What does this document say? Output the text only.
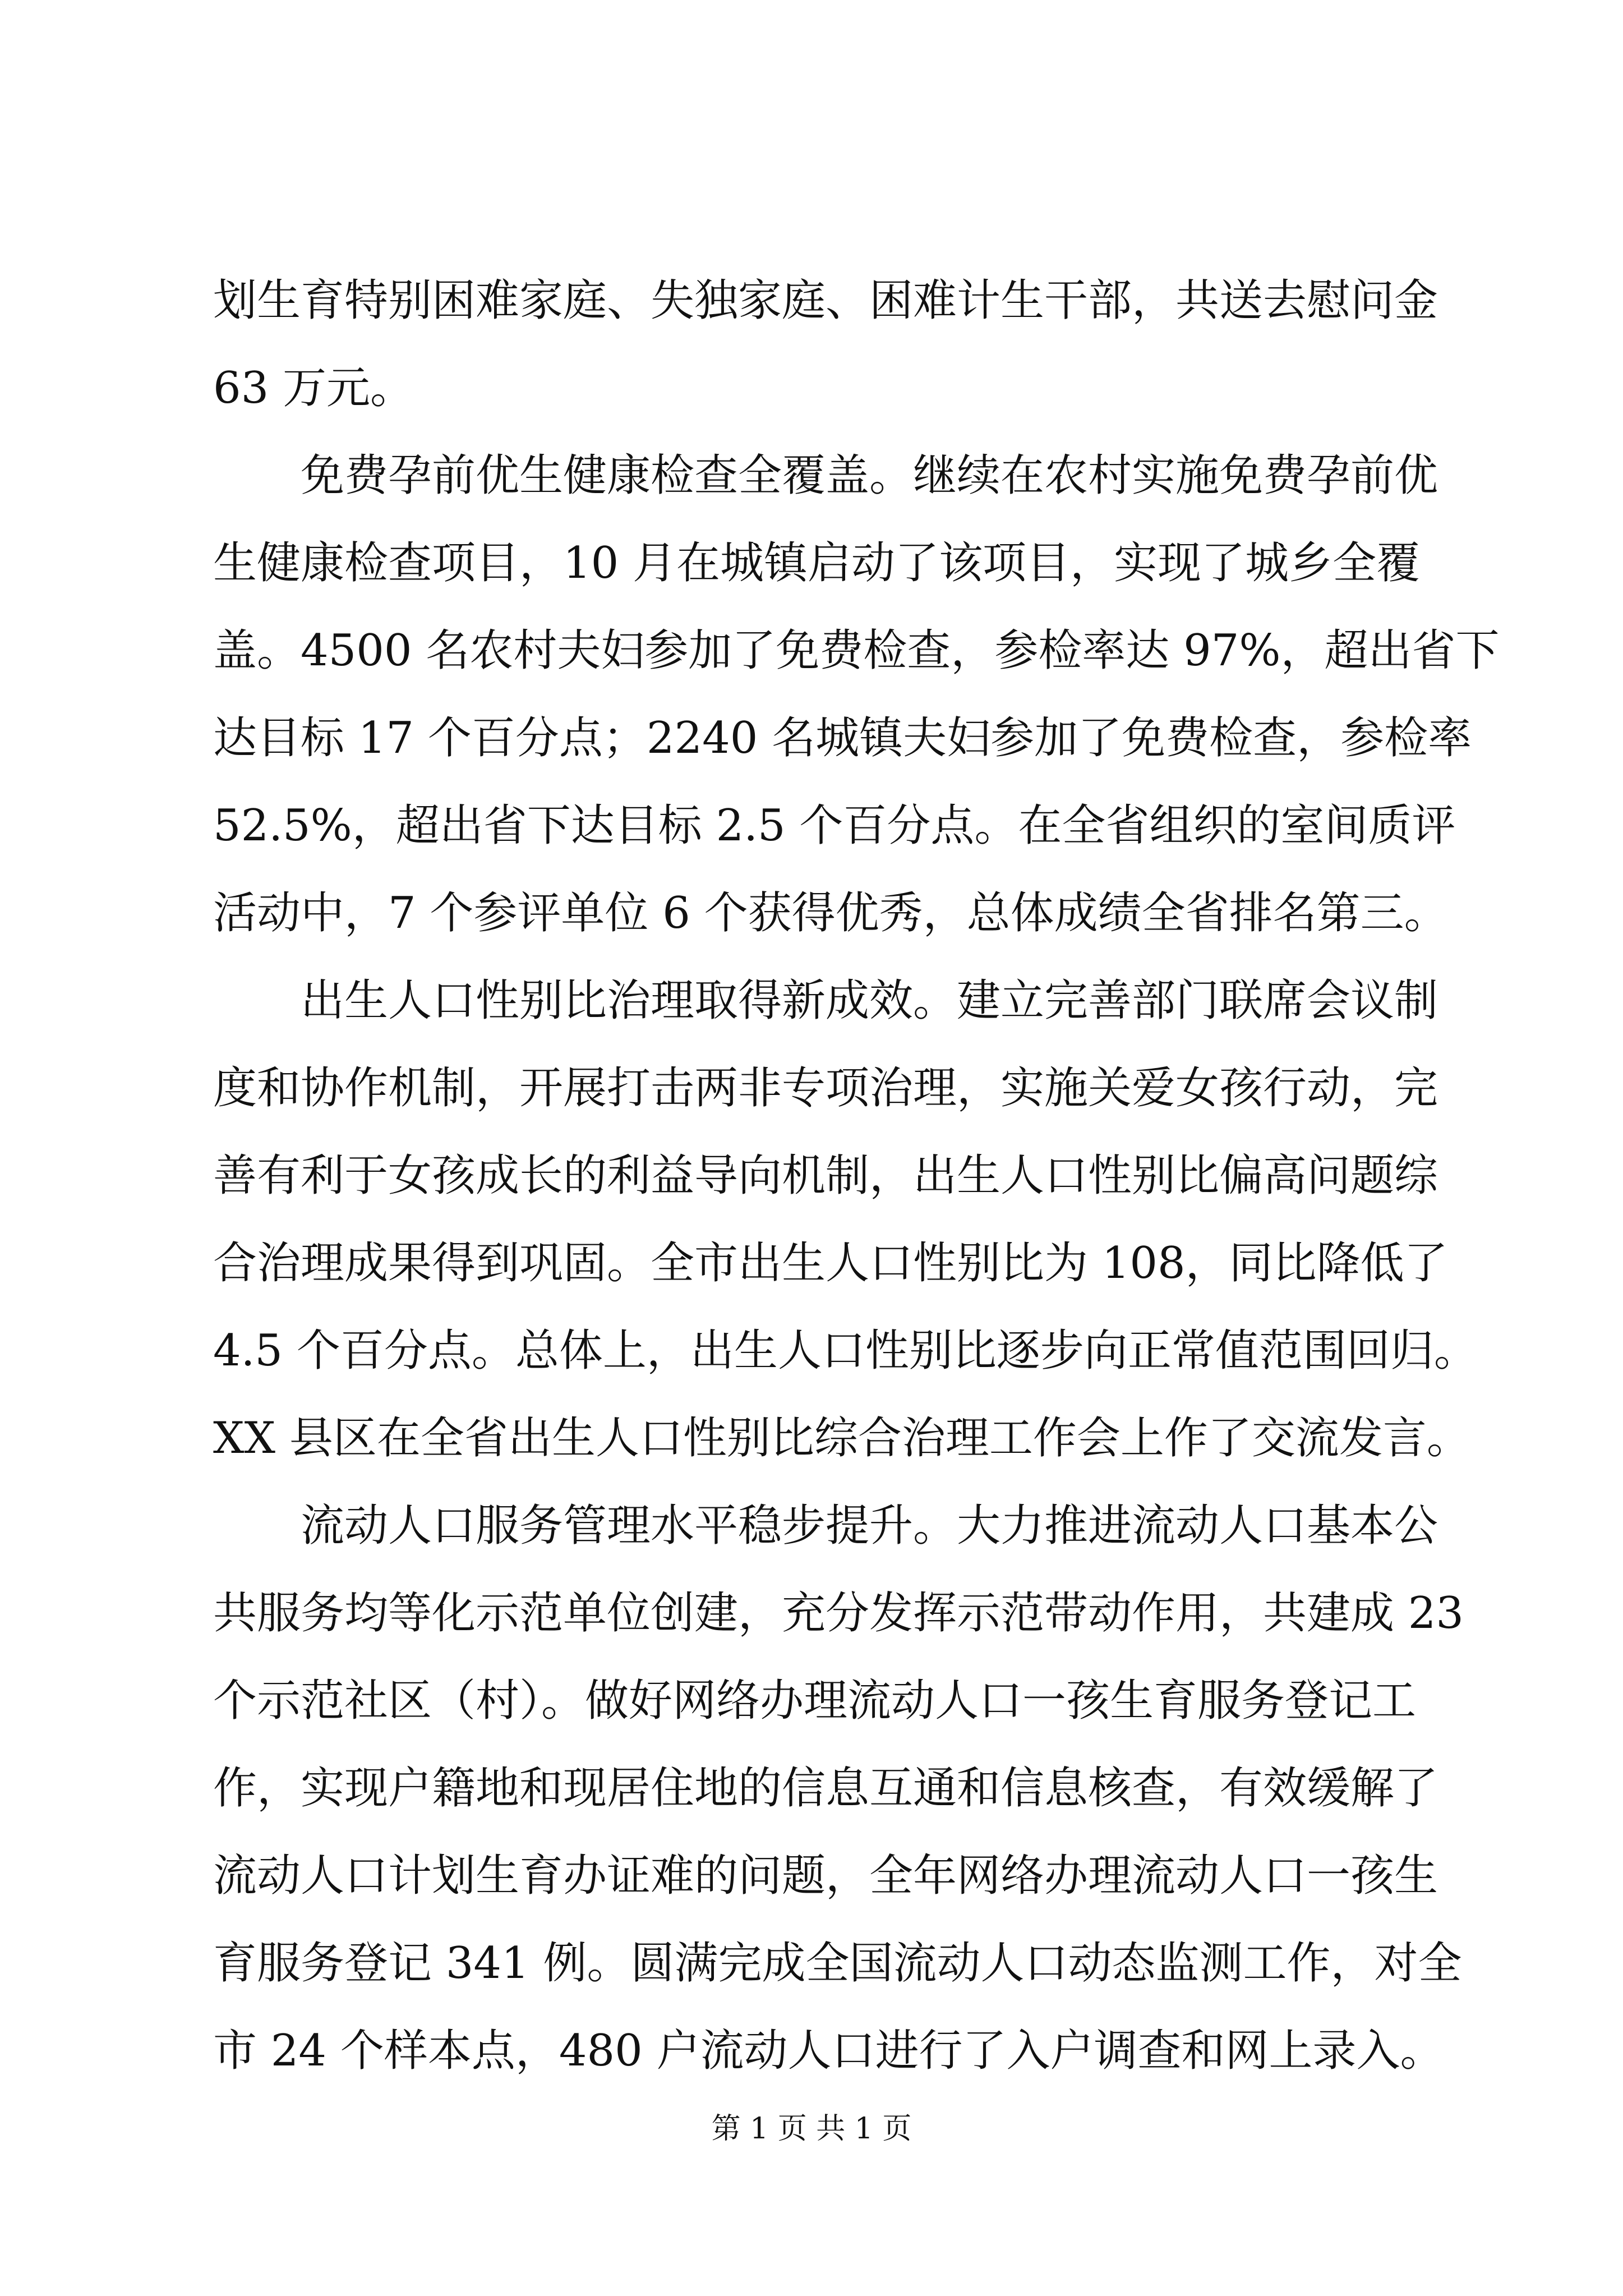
划生育特别困难家庭、失独家庭、困难计生干部，共送去慰问金
63 万元。
　　免费孕前优生健康检查全覆盖。继续在农村实施免费孕前优
生健康检查项目，10 月在城镇启动了该项目，实现了城乡全覆
盖。4500 名农村夫妇参加了免费检查，参检率达 97%，超出省下
达目标 17 个百分点；2240 名城镇夫妇参加了免费检查，参检率
52.5%，超出省下达目标 2.5 个百分点。在全省组织的室间质评
活动中，7 个参评单位 6 个获得优秀，总体成绩全省排名第三。
　　出生人口性别比治理取得新成效。建立完善部门联席会议制
度和协作机制，开展打击两非专项治理，实施关爱女孩行动，完
善有利于女孩成长的利益导向机制，出生人口性别比偏高问题综
合治理成果得到巩固。全市出生人口性别比为 108，同比降低了
4.5 个百分点。总体上，出生人口性别比逐步向正常值范围回归。
XX 县区在全省出生人口性别比综合治理工作会上作了交流发言。
　　流动人口服务管理水平稳步提升。大力推进流动人口基本公
共服务均等化示范单位创建，充分发挥示范带动作用，共建成 23
个示范社区（村）。做好网络办理流动人口一孩生育服务登记工
作，实现户籍地和现居住地的信息互通和信息核查，有效缓解了
流动人口计划生育办证难的问题，全年网络办理流动人口一孩生
育服务登记 341 例。圆满完成全国流动人口动态监测工作，对全
市 24 个样本点，480 户流动人口进行了入户调查和网上录入。
第 1 页 共 1 页
